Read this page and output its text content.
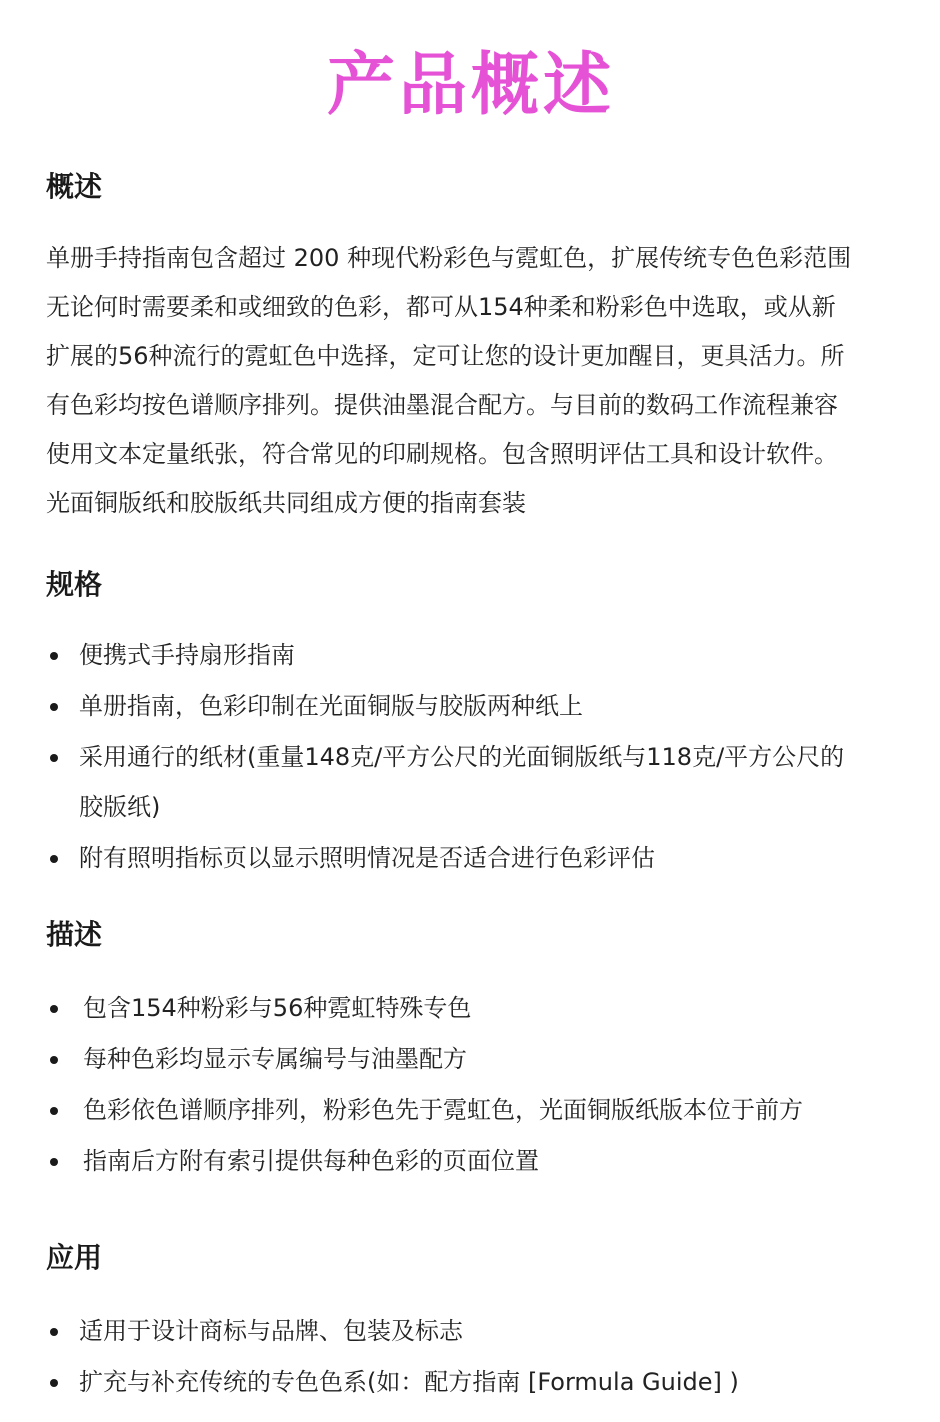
产品概述
概述

单册手持指南包含超过 200 种现代粉彩色与霓虹色，扩展传统专色色彩范围
无论何时需要柔和或细致的色彩，都可从154种柔和粉彩色中选取，或从新
扩展的56种流行的霓虹色中选择，定可让您的设计更加醒目，更具活力。所
有色彩均按色谱顺序排列。提供油墨混合配方。与目前的数码工作流程兼容
使用文本定量纸张，符合常见的印刷规格。包含照明评估工具和设计软件。
光面铜版纸和胶版纸共同组成方便的指南套装

规格
便携式手持扇形指南
单册指南，色彩印制在光面铜版与胶版两种纸上
采用通行的纸材(重量148克/平方公尺的光面铜版纸与118克/平方公尺的
胶版纸)
附有照明指标页以显示照明情况是否适合进行色彩评估
描述
包含154种粉彩与56种霓虹特殊专色
每种色彩均显示专属编号与油墨配方
色彩依色谱顺序排列，粉彩色先于霓虹色，光面铜版纸版本位于前方
指南后方附有索引提供每种色彩的页面位置
应用
适用于设计商标与品牌、包装及标志
扩充与补充传统的专色色系(如：配方指南 [Formula Guide] )
